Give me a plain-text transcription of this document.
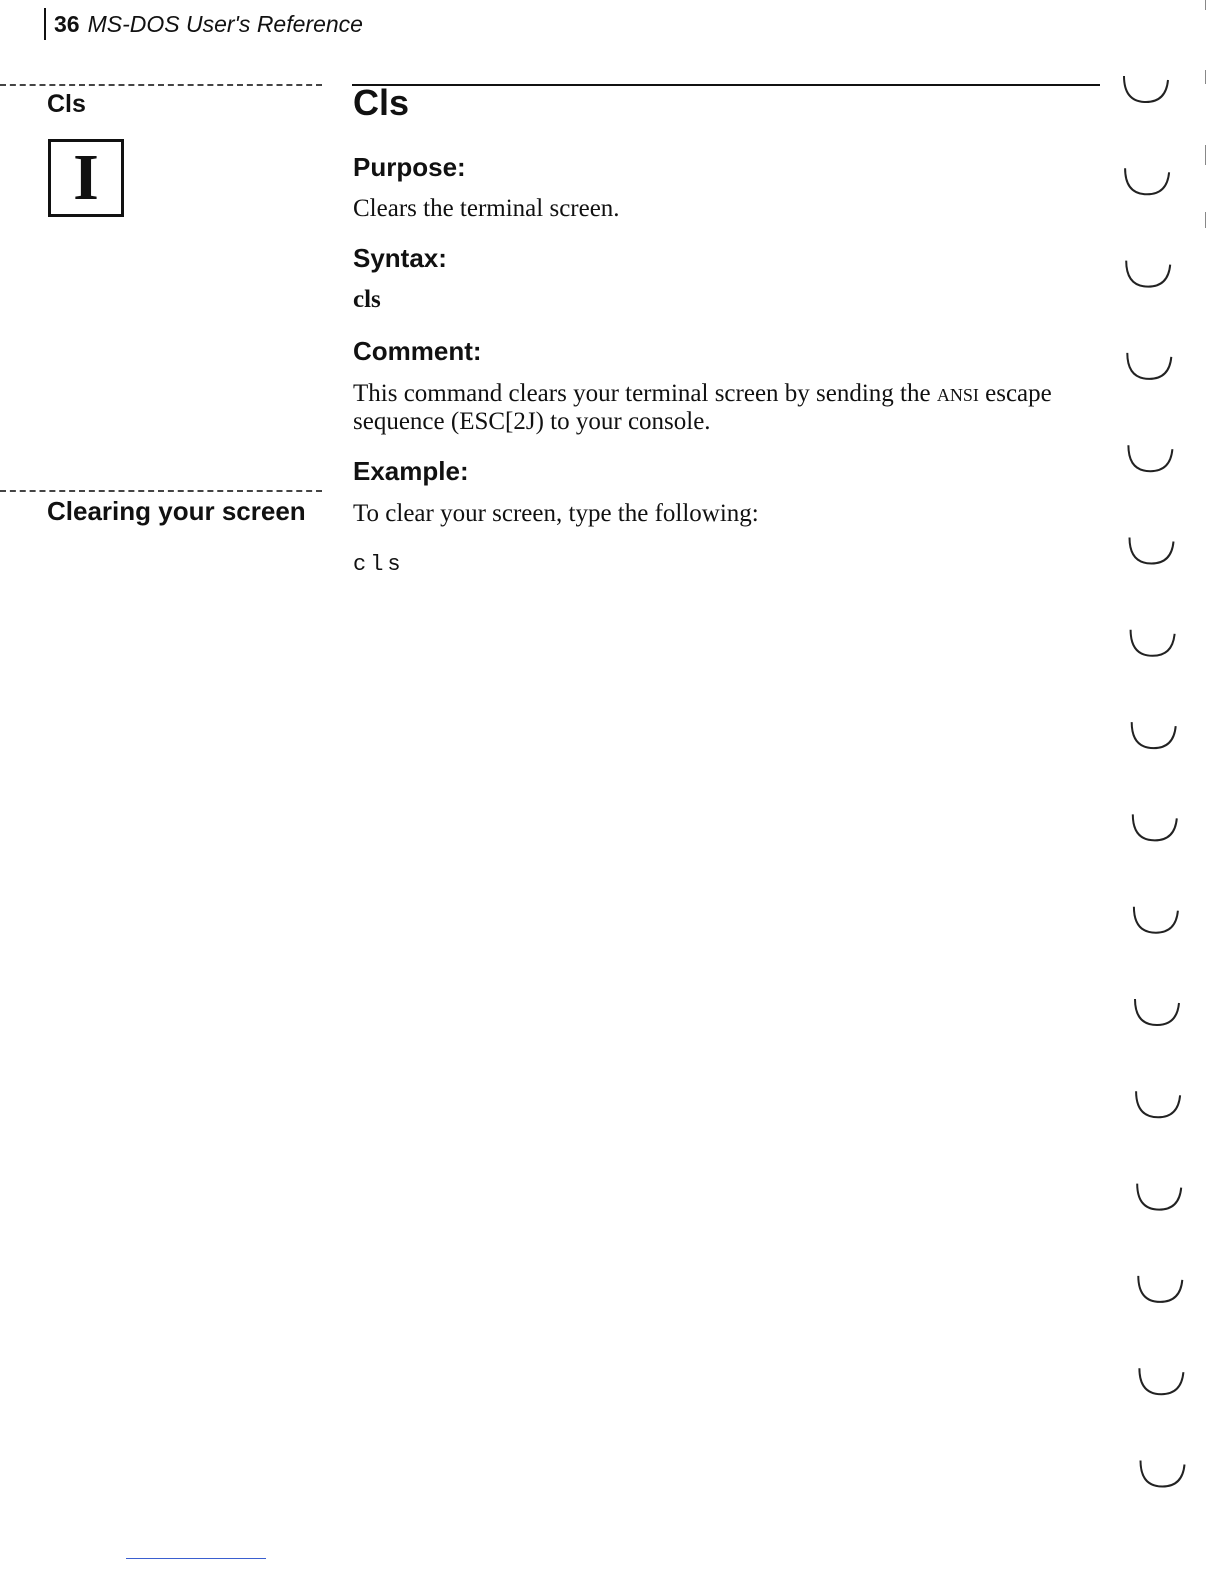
36 MS-DOS User's Reference
Cls
I
Clearing your screen
Cls
Purpose:
Clears the terminal screen.
Syntax:
cls
Comment:
This command clears your terminal screen by sending the ansi escape sequence (ESC[2J) to your console.
Example:
To clear your screen, type the following:
cls
